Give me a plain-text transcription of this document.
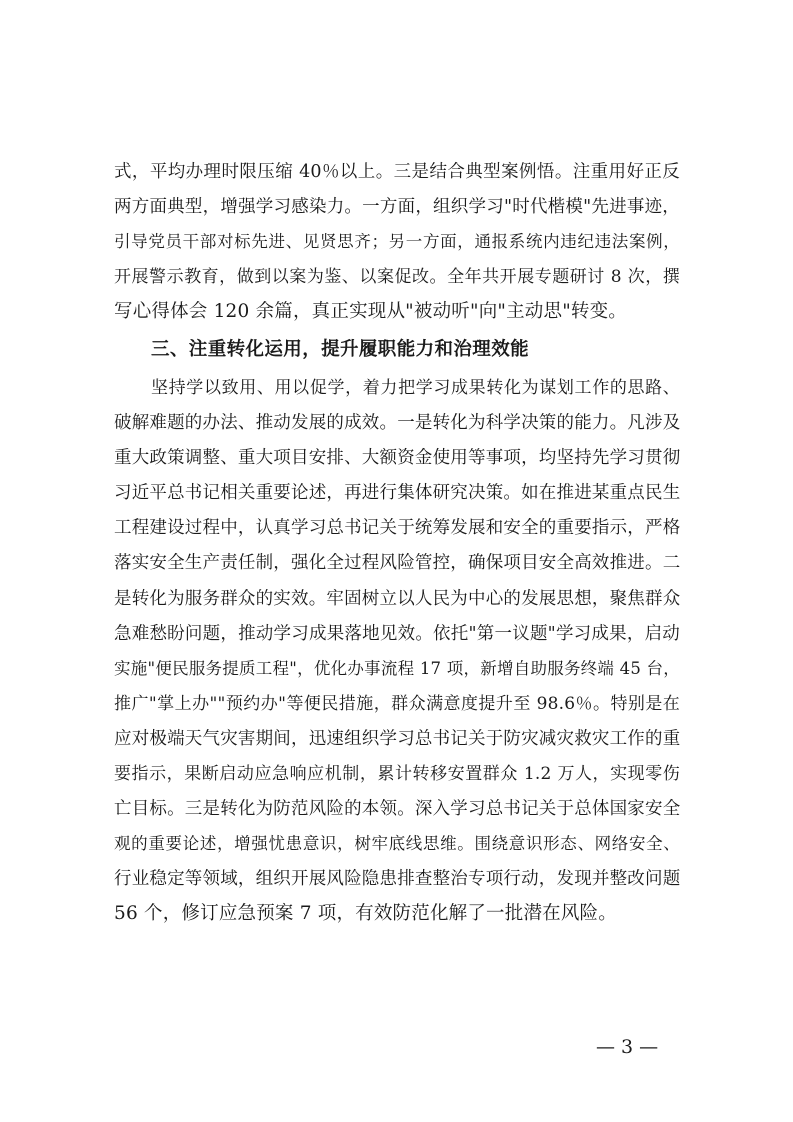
式，平均办理时限压缩 40％以上。三是结合典型案例悟。注重用好正反
两方面典型，增强学习感染力。一方面，组织学习"时代楷模"先进事迹，
引导党员干部对标先进、见贤思齐；另一方面，通报系统内违纪违法案例，
开展警示教育，做到以案为鉴、以案促改。全年共开展专题研讨 8 次，撰
写心得体会 120 余篇，真正实现从"被动听"向"主动思"转变。
三、注重转化运用，提升履职能力和治理效能
坚持学以致用、用以促学，着力把学习成果转化为谋划工作的思路、
破解难题的办法、推动发展的成效。一是转化为科学决策的能力。凡涉及
重大政策调整、重大项目安排、大额资金使用等事项，均坚持先学习贯彻
习近平总书记相关重要论述，再进行集体研究决策。如在推进某重点民生
工程建设过程中，认真学习总书记关于统筹发展和安全的重要指示，严格
落实安全生产责任制，强化全过程风险管控，确保项目安全高效推进。二
是转化为服务群众的实效。牢固树立以人民为中心的发展思想，聚焦群众
急难愁盼问题，推动学习成果落地见效。依托"第一议题"学习成果，启动
实施"便民服务提质工程"，优化办事流程 17 项，新增自助服务终端 45 台，
推广"掌上办""预约办"等便民措施，群众满意度提升至 98.6％。特别是在
应对极端天气灾害期间，迅速组织学习总书记关于防灾减灾救灾工作的重
要指示，果断启动应急响应机制，累计转移安置群众 1.2 万人，实现零伤
亡目标。三是转化为防范风险的本领。深入学习总书记关于总体国家安全
观的重要论述，增强忧患意识，树牢底线思维。围绕意识形态、网络安全、
行业稳定等领域，组织开展风险隐患排查整治专项行动，发现并整改问题
56 个，修订应急预案 7 项，有效防范化解了一批潜在风险。
— 3 —
